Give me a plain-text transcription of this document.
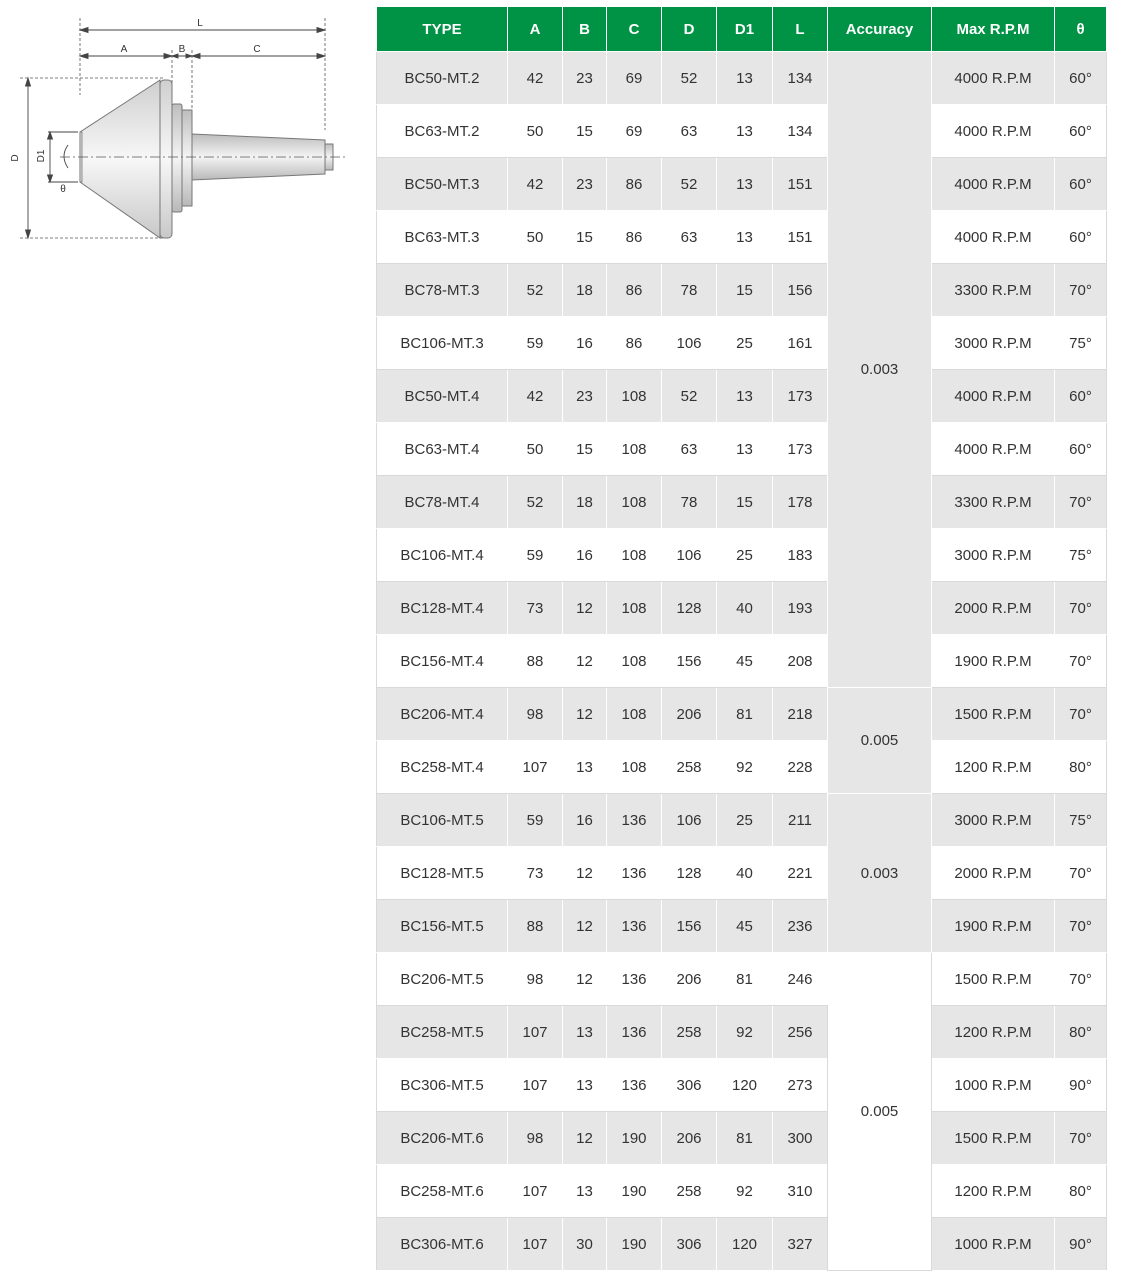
L
A	B	C
D D1
θ
TYPE	A	B	C	D	D1	L	Accuracy	Max R.P.M	θ
BC50-MT.2	42	23	69	52	13	134	0.003	4000 R.P.M	60°
BC63-MT.2	50	15	69	63	13	134		4000 R.P.M	60°
BC50-MT.3	42	23	86	52	13	151		4000 R.P.M	60°
BC63-MT.3	50	15	86	63	13	151		4000 R.P.M	60°
BC78-MT.3	52	18	86	78	15	156		3300 R.P.M	70°
BC106-MT.3	59	16	86	106	25	161		3000 R.P.M	75°
BC50-MT.4	42	23	108	52	13	173		4000 R.P.M	60°
BC63-MT.4	50	15	108	63	13	173		4000 R.P.M	60°
BC78-MT.4	52	18	108	78	15	178		3300 R.P.M	70°
BC106-MT.4	59	16	108	106	25	183		3000 R.P.M	75°
BC128-MT.4	73	12	108	128	40	193		2000 R.P.M	70°
BC156-MT.4	88	12	108	156	45	208		1900 R.P.M	70°
BC206-MT.4	98	12	108	206	81	218	0.005	1500 R.P.M	70°
BC258-MT.4	107	13	108	258	92	228		1200 R.P.M	80°
BC106-MT.5	59	16	136	106	25	211	0.003	3000 R.P.M	75°
BC128-MT.5	73	12	136	128	40	221		2000 R.P.M	70°
BC156-MT.5	88	12	136	156	45	236		1900 R.P.M	70°
BC206-MT.5	98	12	136	206	81	246	0.005	1500 R.P.M	70°
BC258-MT.5	107	13	136	258	92	256		1200 R.P.M	80°
BC306-MT.5	107	13	136	306	120	273		1000 R.P.M	90°
BC206-MT.6	98	12	190	206	81	300		1500 R.P.M	70°
BC258-MT.6	107	13	190	258	92	310		1200 R.P.M	80°
BC306-MT.6	107	30	190	306	120	327		1000 R.P.M	90°
